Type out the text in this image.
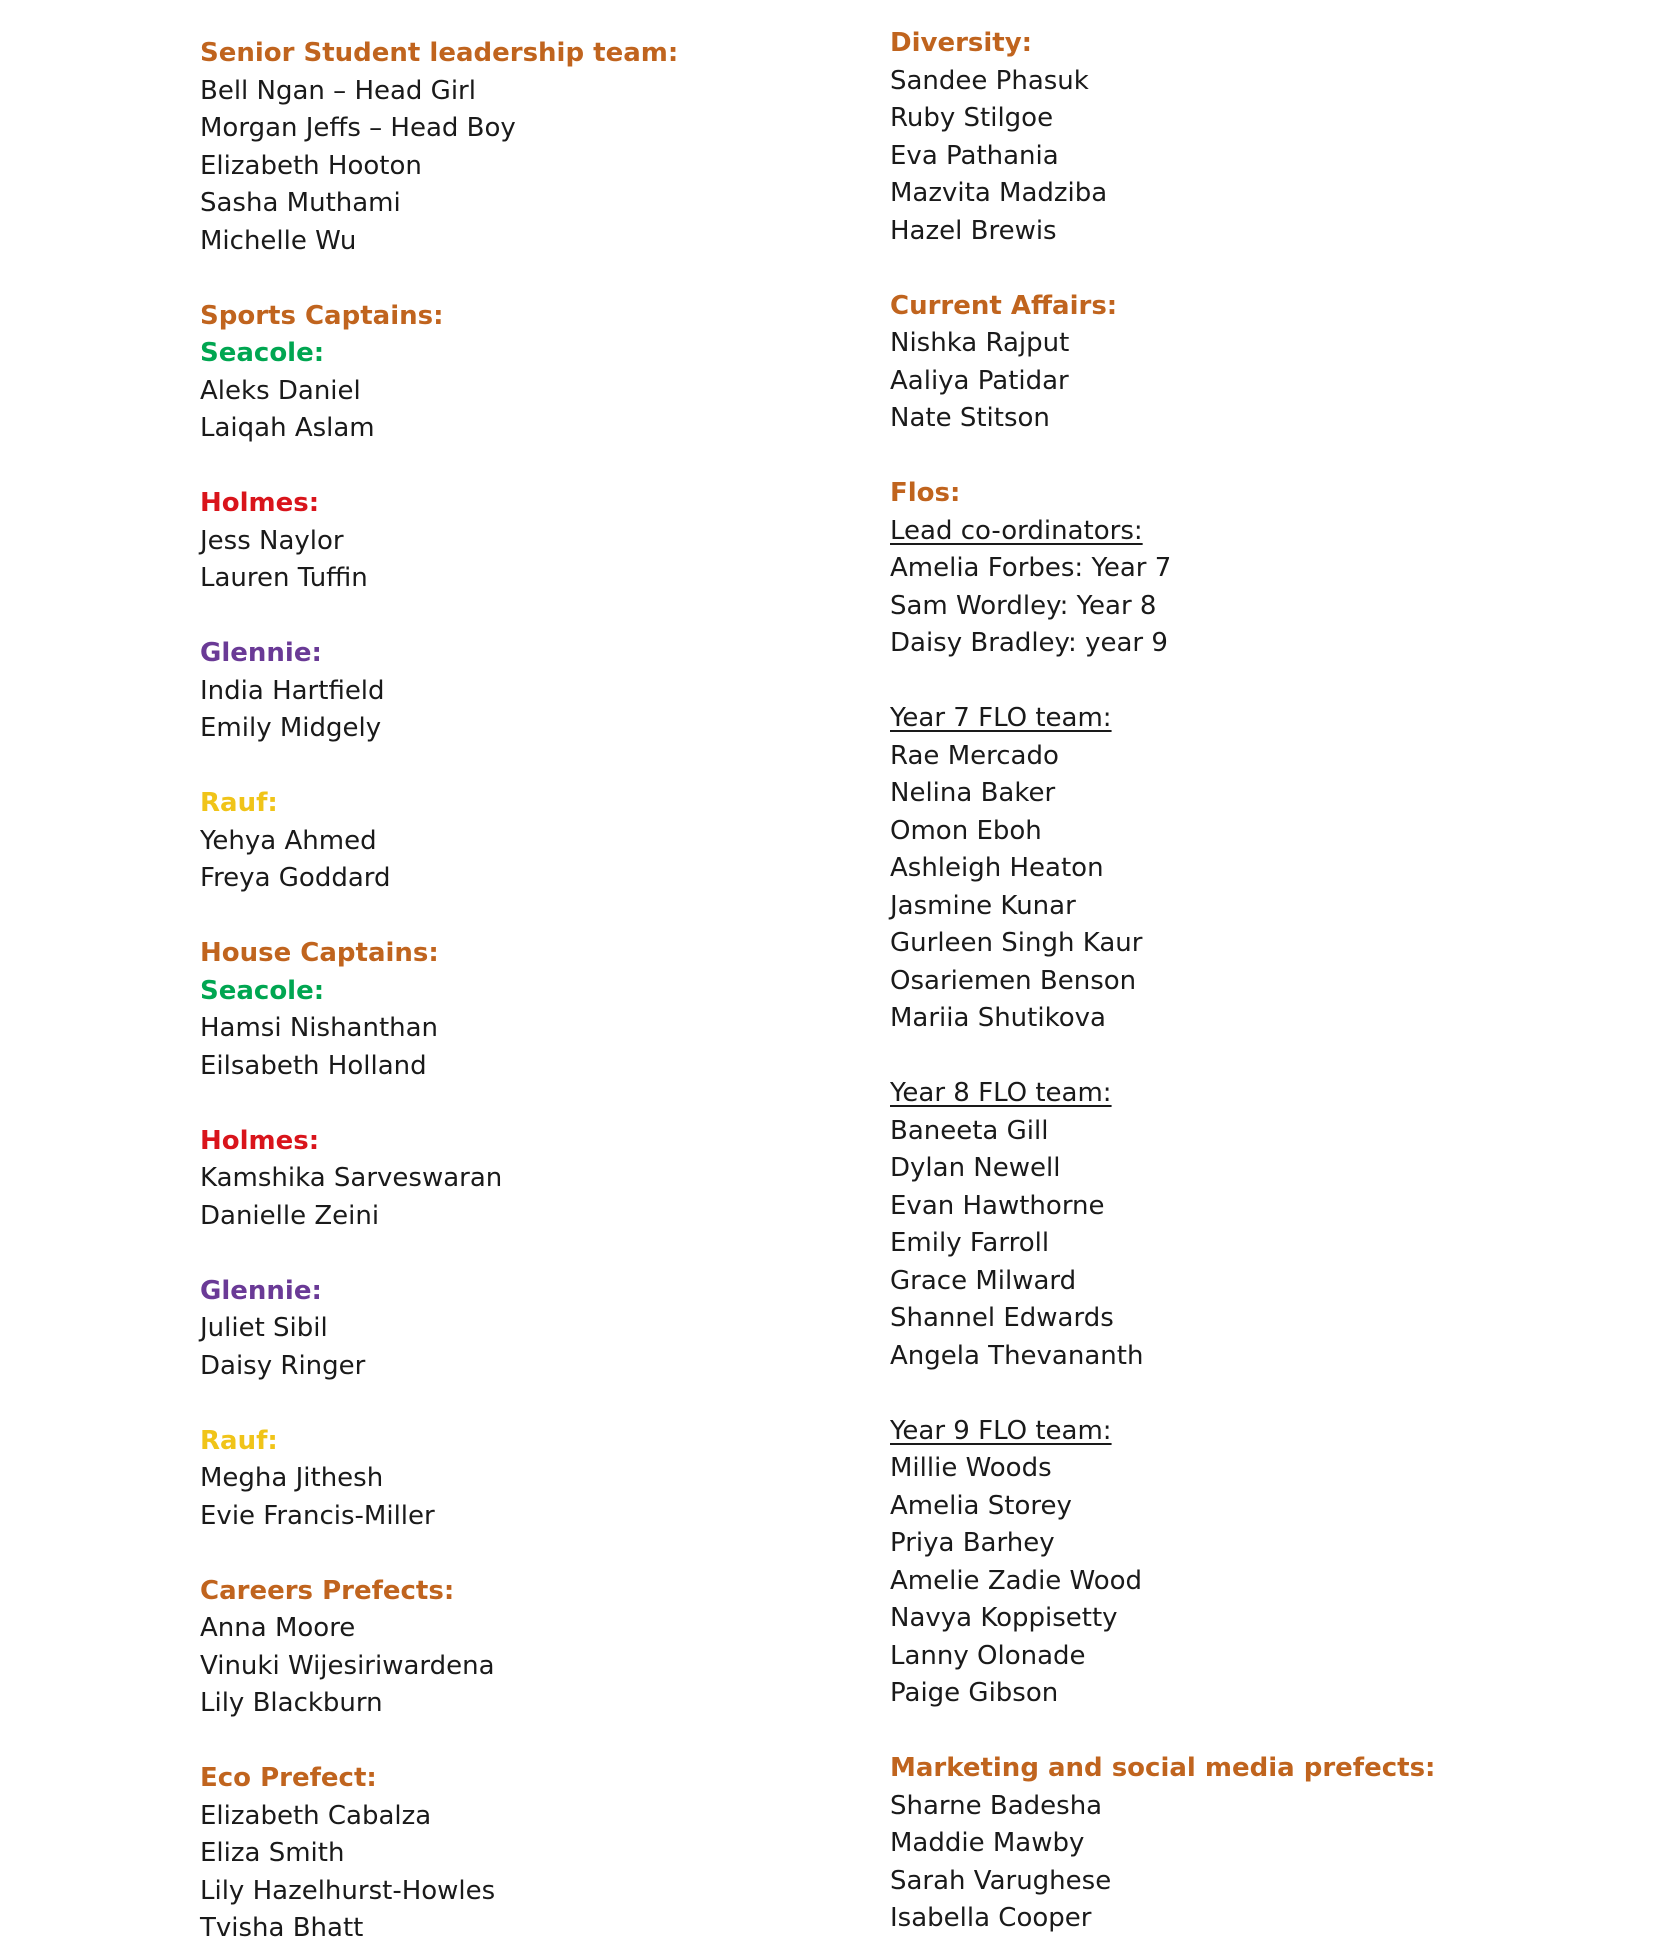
Senior Student leadership team:
Bell Ngan – Head Girl
Morgan Jeffs – Head Boy
Elizabeth Hooton
Sasha Muthami
Michelle Wu
Sports Captains:
Seacole:
Aleks Daniel
Laiqah Aslam
Holmes:
Jess Naylor
Lauren Tuffin
Glennie:
India Hartfield
Emily Midgely
Rauf:
Yehya Ahmed
Freya Goddard
House Captains:
Seacole:
Hamsi Nishanthan
Eilsabeth Holland
Holmes:
Kamshika Sarveswaran
Danielle Zeini
Glennie:
Juliet Sibil
Daisy Ringer
Rauf:
Megha Jithesh
Evie Francis-Miller
Careers Prefects:
Anna Moore
Vinuki Wijesiriwardena
Lily Blackburn
Eco Prefect:
Elizabeth Cabalza
Eliza Smith
Lily Hazelhurst-Howles
Tvisha Bhatt
Diversity:
Sandee Phasuk
Ruby Stilgoe
Eva Pathania
Mazvita Madziba
Hazel Brewis
Current Affairs:
Nishka Rajput
Aaliya Patidar
Nate Stitson
Flos:
Lead co-ordinators:
Amelia Forbes: Year 7
Sam Wordley: Year 8
Daisy Bradley: year 9
Year 7 FLO team:
Rae Mercado
Nelina Baker
Omon Eboh
Ashleigh Heaton
Jasmine Kunar
Gurleen Singh Kaur
Osariemen Benson
Mariia Shutikova
Year 8 FLO team:
Baneeta Gill
Dylan Newell
Evan Hawthorne
Emily Farroll
Grace Milward
Shannel Edwards
Angela Thevananth
Year 9 FLO team:
Millie Woods
Amelia Storey
Priya Barhey
Amelie Zadie Wood
Navya Koppisetty
Lanny Olonade
Paige Gibson
Marketing and social media prefects:
Sharne Badesha
Maddie Mawby
Sarah Varughese
Isabella Cooper
